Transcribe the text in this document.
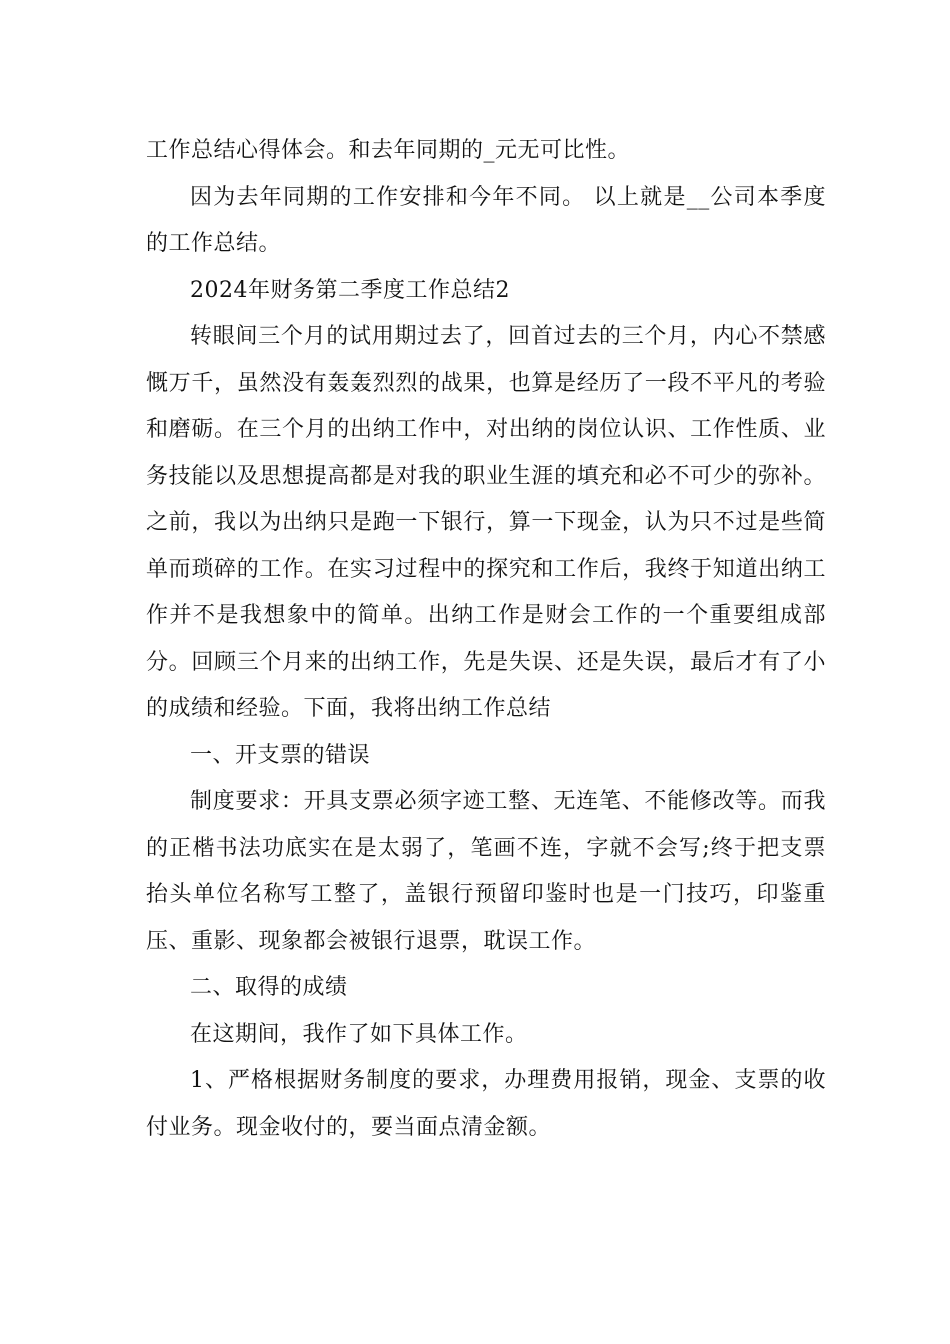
工作总结心得体会。和去年同期的_元无可比性。

因为去年同期的工作安排和今年不同。 以上就是__公司本季度的工作总结。

2024年财务第二季度工作总结2

转眼间三个月的试用期过去了，回首过去的三个月，内心不禁感慨万千，虽然没有轰轰烈烈的战果，也算是经历了一段不平凡的考验和磨砺。在三个月的出纳工作中，对出纳的岗位认识、工作性质、业务技能以及思想提高都是对我的职业生涯的填充和必不可少的弥补。之前，我以为出纳只是跑一下银行，算一下现金，认为只不过是些简单而琐碎的工作。在实习过程中的探究和工作后，我终于知道出纳工作并不是我想象中的简单。出纳工作是财会工作的一个重要组成部分。回顾三个月来的出纳工作，先是失误、还是失误，最后才有了小的成绩和经验。下面，我将出纳工作总结

一、开支票的错误

制度要求：开具支票必须字迹工整、无连笔、不能修改等。而我的正楷书法功底实在是太弱了，笔画不连，字就不会写;终于把支票抬头单位名称写工整了，盖银行预留印鉴时也是一门技巧，印鉴重压、重影、现象都会被银行退票，耽误工作。

二、取得的成绩

在这期间，我作了如下具体工作。

1、严格根据财务制度的要求，办理费用报销，现金、支票的收付业务。现金收付的，要当面点清金额。
